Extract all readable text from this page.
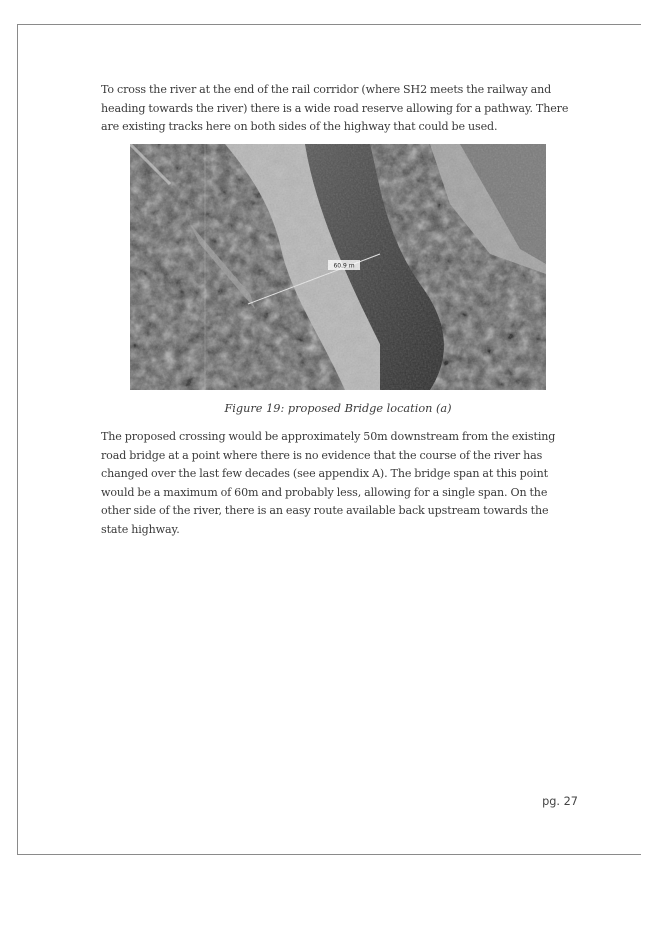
To cross the river at the end of the rail corridor (where SH2 meets the railway and heading towards the river) there is a wide road reserve allowing for a pathway. There are existing tracks here on both sides of the highway that could be used.

Figure 19: proposed Bridge location (a)

The proposed crossing would be approximately 50m downstream from the existing road bridge at a point where there is no evidence that the course of the river has changed over the last few decades (see appendix A). The bridge span at this point would be a maximum of 60m and probably less, allowing for a single span. On the other side of the river, there is an easy route available back upstream towards the state highway.

pg. 27
